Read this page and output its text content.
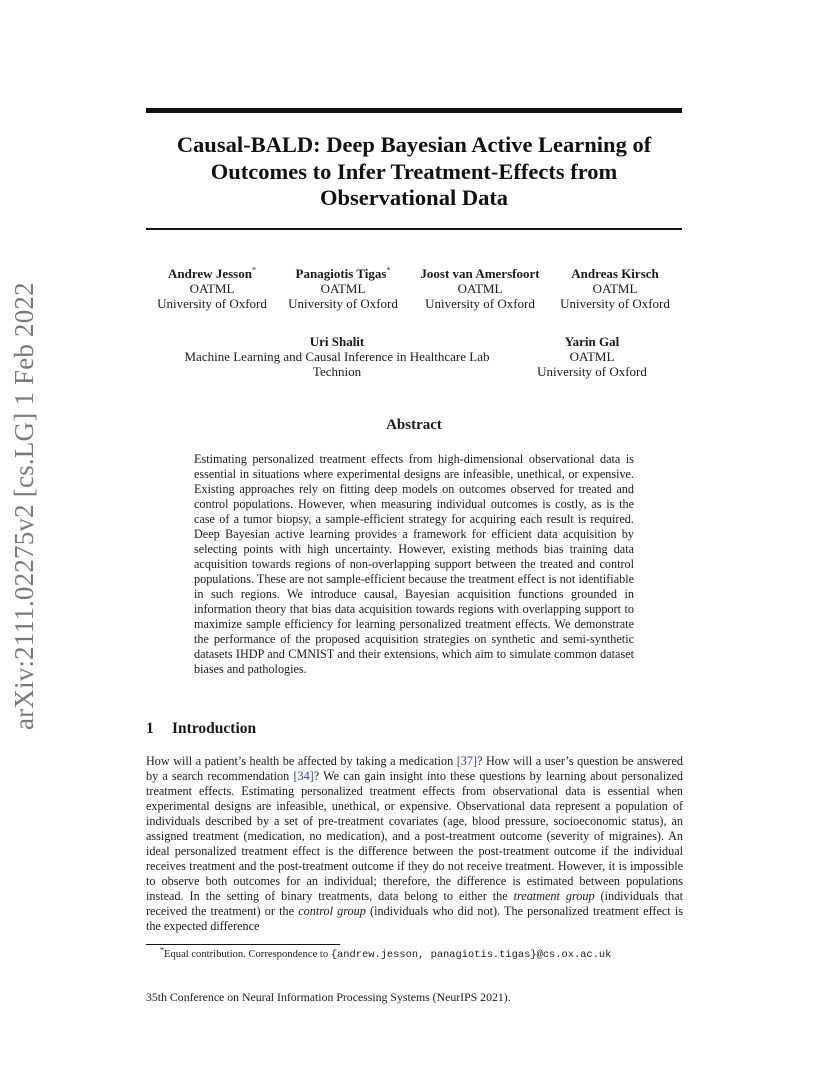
arXiv:2111.02275v2 [cs.LG] 1 Feb 2022
Causal-BALD: Deep Bayesian Active Learning of Outcomes to Infer Treatment-Effects from Observational Data
Andrew Jesson*
OATML
University of Oxford
Panagiotis Tigas*
OATML
University of Oxford
Joost van Amersfoort
OATML
University of Oxford
Andreas Kirsch
OATML
University of Oxford
Uri Shalit
Machine Learning and Causal Inference in Healthcare Lab
Technion
Yarin Gal
OATML
University of Oxford
Abstract
Estimating personalized treatment effects from high-dimensional observational data is essential in situations where experimental designs are infeasible, unethical, or expensive. Existing approaches rely on fitting deep models on outcomes observed for treated and control populations. However, when measuring individual outcomes is costly, as is the case of a tumor biopsy, a sample-efficient strategy for acquiring each result is required. Deep Bayesian active learning provides a framework for efficient data acquisition by selecting points with high uncertainty. However, existing methods bias training data acquisition towards regions of non-overlapping support between the treated and control populations. These are not sample-efficient because the treatment effect is not identifiable in such regions. We introduce causal, Bayesian acquisition functions grounded in information theory that bias data acquisition towards regions with overlapping support to maximize sample efficiency for learning personalized treatment effects. We demonstrate the performance of the proposed acquisition strategies on synthetic and semi-synthetic datasets IHDP and CMNIST and their extensions, which aim to simulate common dataset biases and pathologies.
1 Introduction
How will a patient’s health be affected by taking a medication [37]? How will a user’s question be answered by a search recommendation [34]? We can gain insight into these questions by learning about personalized treatment effects. Estimating personalized treatment effects from observational data is essential when experimental designs are infeasible, unethical, or expensive. Observational data represent a population of individuals described by a set of pre-treatment covariates (age, blood pressure, socioeconomic status), an assigned treatment (medication, no medication), and a post-treatment outcome (severity of migraines). An ideal personalized treatment effect is the difference between the post-treatment outcome if the individual receives treatment and the post-treatment outcome if they do not receive treatment. However, it is impossible to observe both outcomes for an individual; therefore, the difference is estimated between populations instead. In the setting of binary treatments, data belong to either the treatment group (individuals that received the treatment) or the control group (individuals who did not). The personalized treatment effect is the expected difference
*Equal contribution. Correspondence to {andrew.jesson, panagiotis.tigas}@cs.ox.ac.uk
35th Conference on Neural Information Processing Systems (NeurIPS 2021).
